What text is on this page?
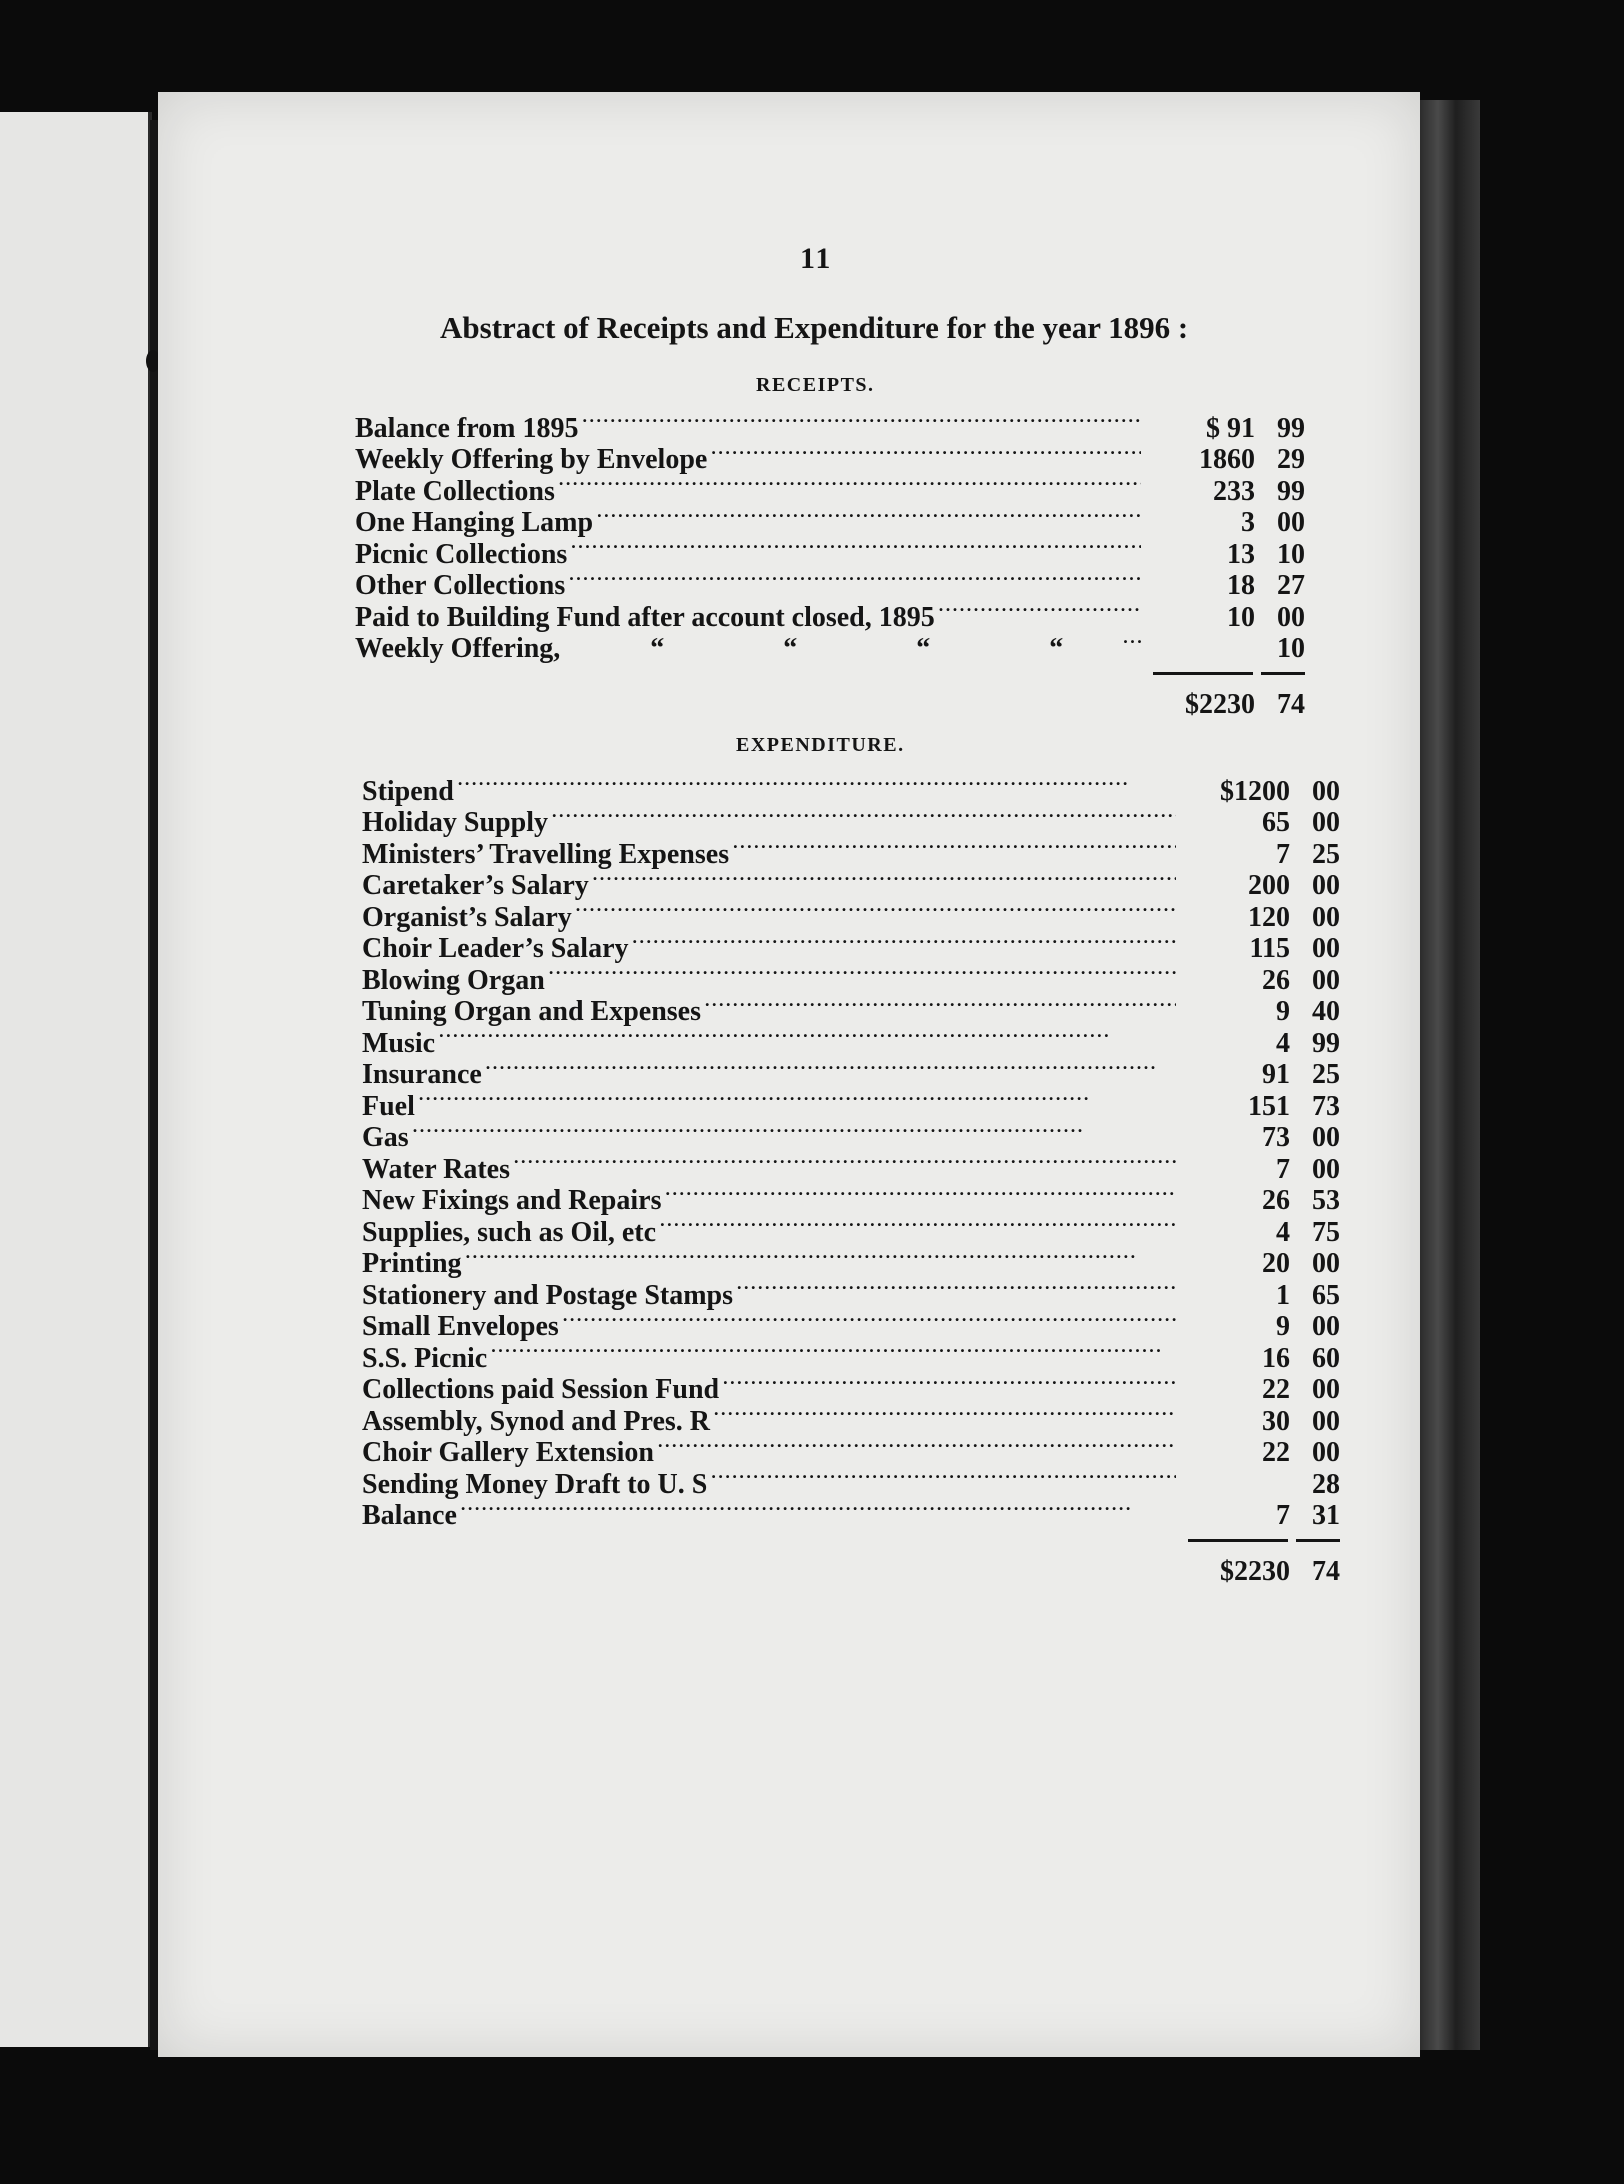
11
Abstract of Receipts and Expenditure for the year 1896 :
RECEIPTS.
Balance from 1895 . . .	$ 91 99
Weekly Offering by Envelope . . .	1860 29
Plate Collections . . .	233 99
One Hanging Lamp . . .	3 00
Picnic Collections . . .	13 10
Other Collections . . .	18 27
Paid to Building Fund after account closed, 1895 . . .	10 00
Weekly Offering,	“ “ “ “ . . .	10
$2230 74
EXPENDITURE.
Stipend . . .	$1200 00
Holiday Supply . . .	65 00
Ministers’ Travelling Expenses . . .	7 25
Caretaker’s Salary . . .	200 00
Organist’s Salary . . .	120 00
Choir Leader’s Salary . . .	115 00
Blowing Organ . . .	26 00
Tuning Organ and Expenses . . .	9 40
Music . . .	4 99
Insurance . . .	91 25
Fuel . . .	151 73
Gas . . .	73 00
Water Rates . . .	7 00
New Fixings and Repairs . . .	26 53
Supplies, such as Oil, etc . . .	4 75
Printing . . .	20 00
Stationery and Postage Stamps . . .	1 65
Small Envelopes . . .	9 00
S.S. Picnic . . .	16 60
Collections paid Session Fund . . .	22 00
Assembly, Synod and Pres. R . . .	30 00
Choir Gallery Extension . . .	22 00
Sending Money Draft to U. S . . .	28
Balance . . .	7 31
$2230 74
